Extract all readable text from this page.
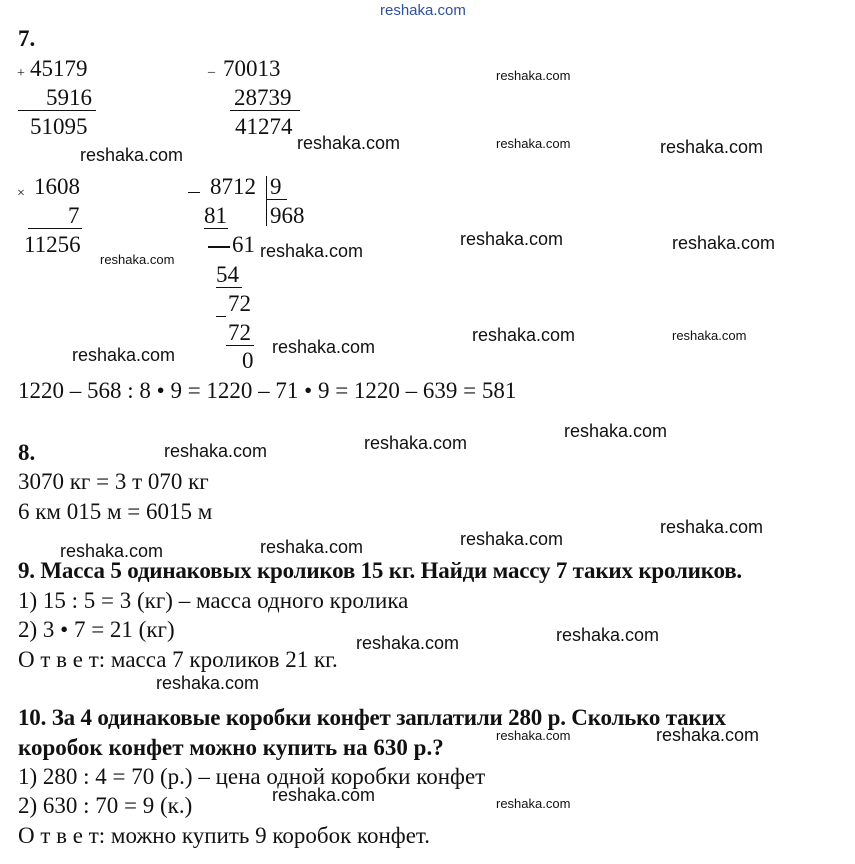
reshaka.com
7.
+ 45179
5916
51095
_ 70013
28739
41274
× 1608
7
11256
8712 9
968
81
61
54
72
72
0
1220 – 568 : 8 • 9 = 1220 – 71 • 9 = 1220 – 639 = 581
8.
3070 кг = 3 т 070 кг
6 км 015 м = 6015 м
9. Масса 5 одинаковых кроликов 15 кг. Найди массу 7 таких кроликов.
1) 15 : 5 = 3 (кг) – масса одного кролика
2) 3 • 7 = 21 (кг)
О т в е т: масса 7 кроликов 21 кг.
10. За 4 одинаковые коробки конфет заплатили 280 р. Сколько таких
коробок конфет можно купить на 630 р.?
1) 280 : 4 = 70 (р.) – цена одной коробки конфет
2) 630 : 70 = 9 (к.)
О т в е т: можно купить 9 коробок конфет.
reshaka.com
reshaka.com
reshaka.com	reshaka.com	reshaka.com
reshaka.com	reshaka.com
reshaka.com	reshaka.com
reshaka.com	reshaka.com
reshaka.com	reshaka.com
reshaka.com	reshaka.com
reshaka.com
reshaka.com
reshaka.com
reshaka.com
reshaka.com
reshaka.com	reshaka.com
reshaka.com
reshaka.com	reshaka.com
reshaka.com	reshaka.com
